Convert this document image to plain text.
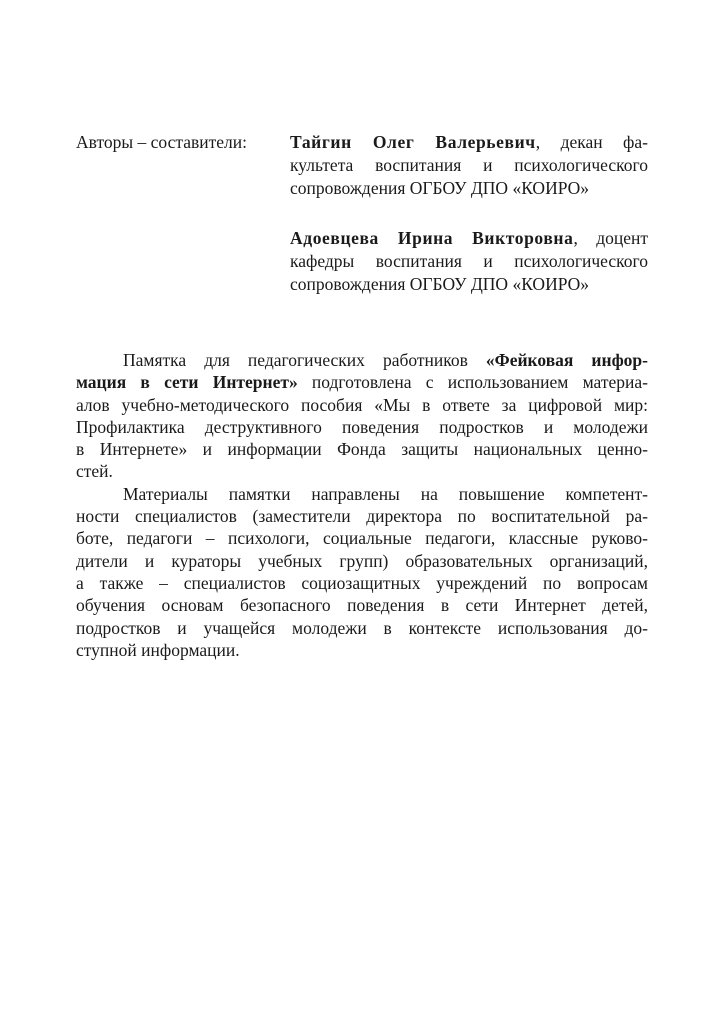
Авторы – составители: Тайгин Олег Валерьевич, декан фа-
культета воспитания и психологического
сопровождения ОГБОУ ДПО «КОИРО»
Адоевцева Ирина Викторовна, доцент
кафедры воспитания и психологического
сопровождения ОГБОУ ДПО «КОИРО»
Памятка для педагогических работников «Фейковая инфор-
мация в сети Интернет» подготовлена с использованием материа-
алов учебно-методического пособия «Мы в ответе за цифровой мир:
Профилактика деструктивного поведения подростков и молодежи
в Интернете» и информации Фонда защиты национальных ценно-
стей.
Материалы памятки направлены на повышение компетент-
ности специалистов (заместители директора по воспитательной ра-
боте, педагоги – психологи, социальные педагоги, классные руково-
дители и кураторы учебных групп) образовательных организаций,
а также – специалистов социозащитных учреждений по вопросам
обучения основам безопасного поведения в сети Интернет детей,
подростков и учащейся молодежи в контексте использования до-
ступной информации.
